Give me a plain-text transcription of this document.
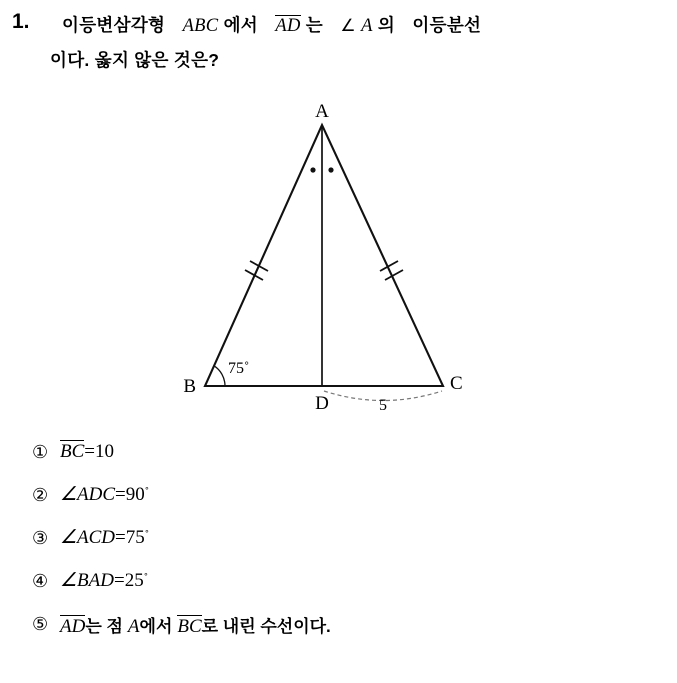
1. 이등변삼각형 ABC 에서 AD 는 ∠ A 의 이등분선
이다. 옳지 않은 것은?
A
B	C
D
75˚
5
① BC=10
② ∠ADC=90˚
③ ∠ACD=75˚
④ ∠BAD=25˚
⑤ AD는 점 A에서 BC로 내린 수선이다.
